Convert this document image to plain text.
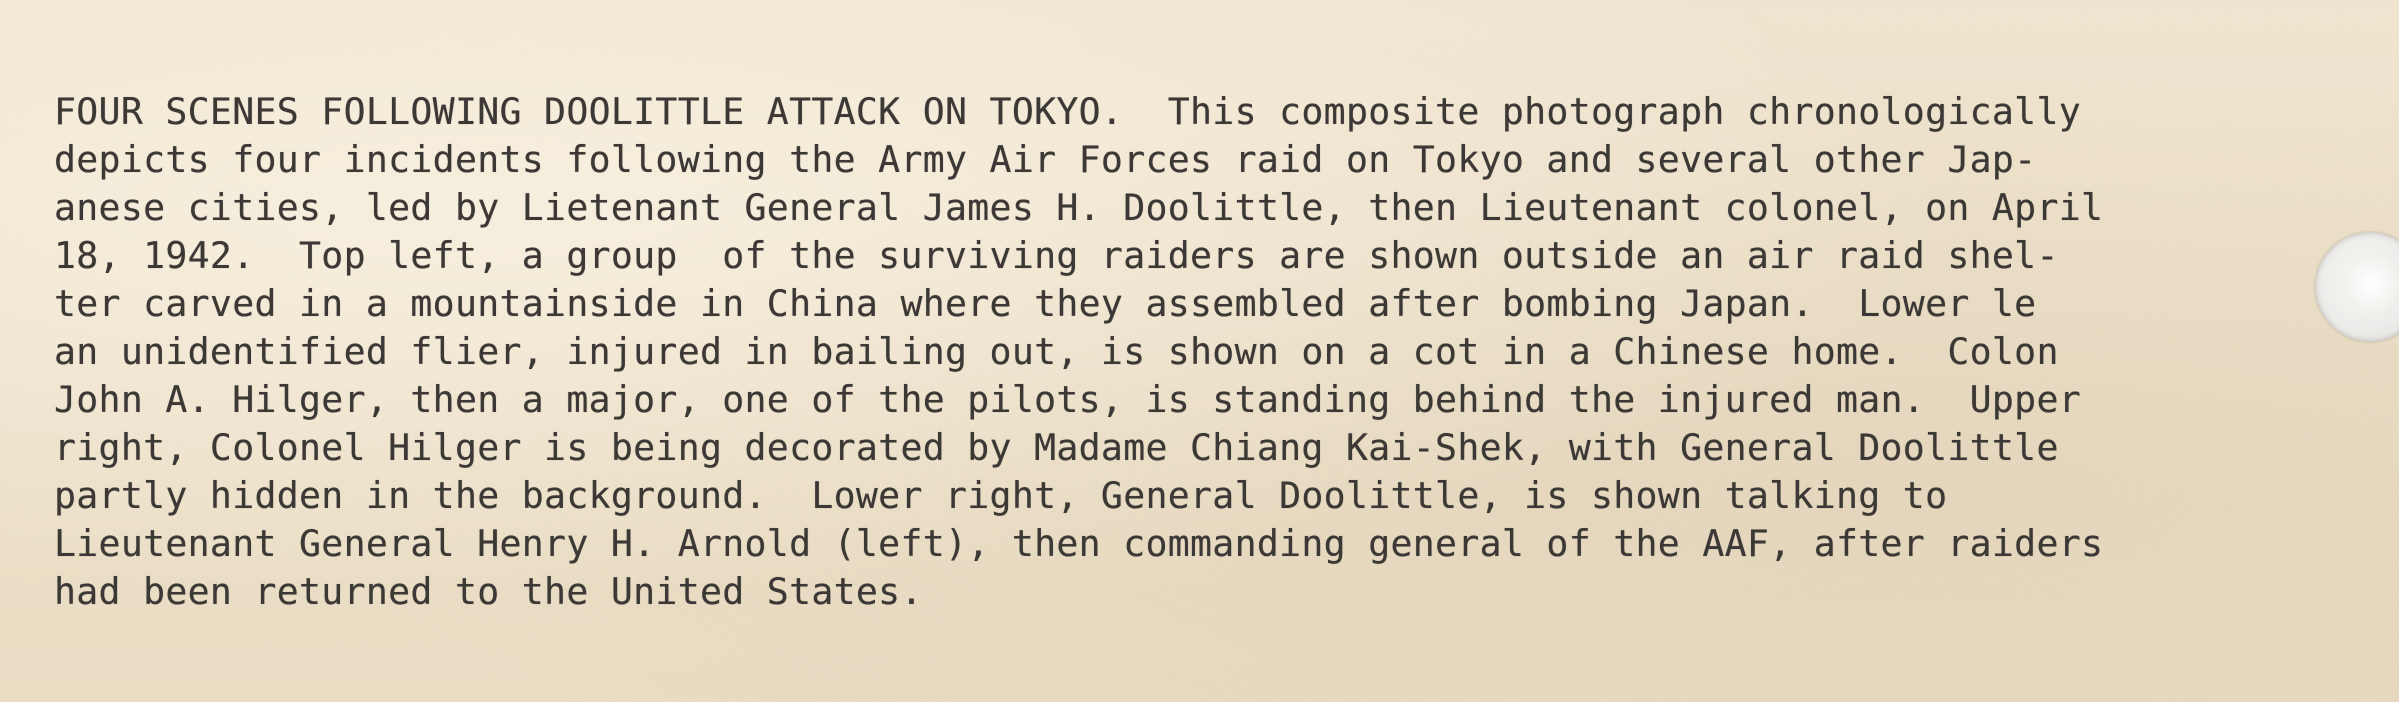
FOUR SCENES FOLLOWING DOOLITTLE ATTACK ON TOKYO.  This composite photograph chronologically
depicts four incidents following the Army Air Forces raid on Tokyo and several other Jap-
anese cities, led by Lietenant General James H. Doolittle, then Lieutenant colonel, on April
18, 1942.  Top left, a group  of the surviving raiders are shown outside an air raid shel-
ter carved in a mountainside in China where they assembled after bombing Japan.  Lower le
an unidentified flier, injured in bailing out, is shown on a cot in a Chinese home.  Colon
John A. Hilger, then a major, one of the pilots, is standing behind the injured man.  Upper
right, Colonel Hilger is being decorated by Madame Chiang Kai-Shek, with General Doolittle
partly hidden in the background.  Lower right, General Doolittle, is shown talking to
Lieutenant General Henry H. Arnold (left), then commanding general of the AAF, after raiders
had been returned to the United States.
